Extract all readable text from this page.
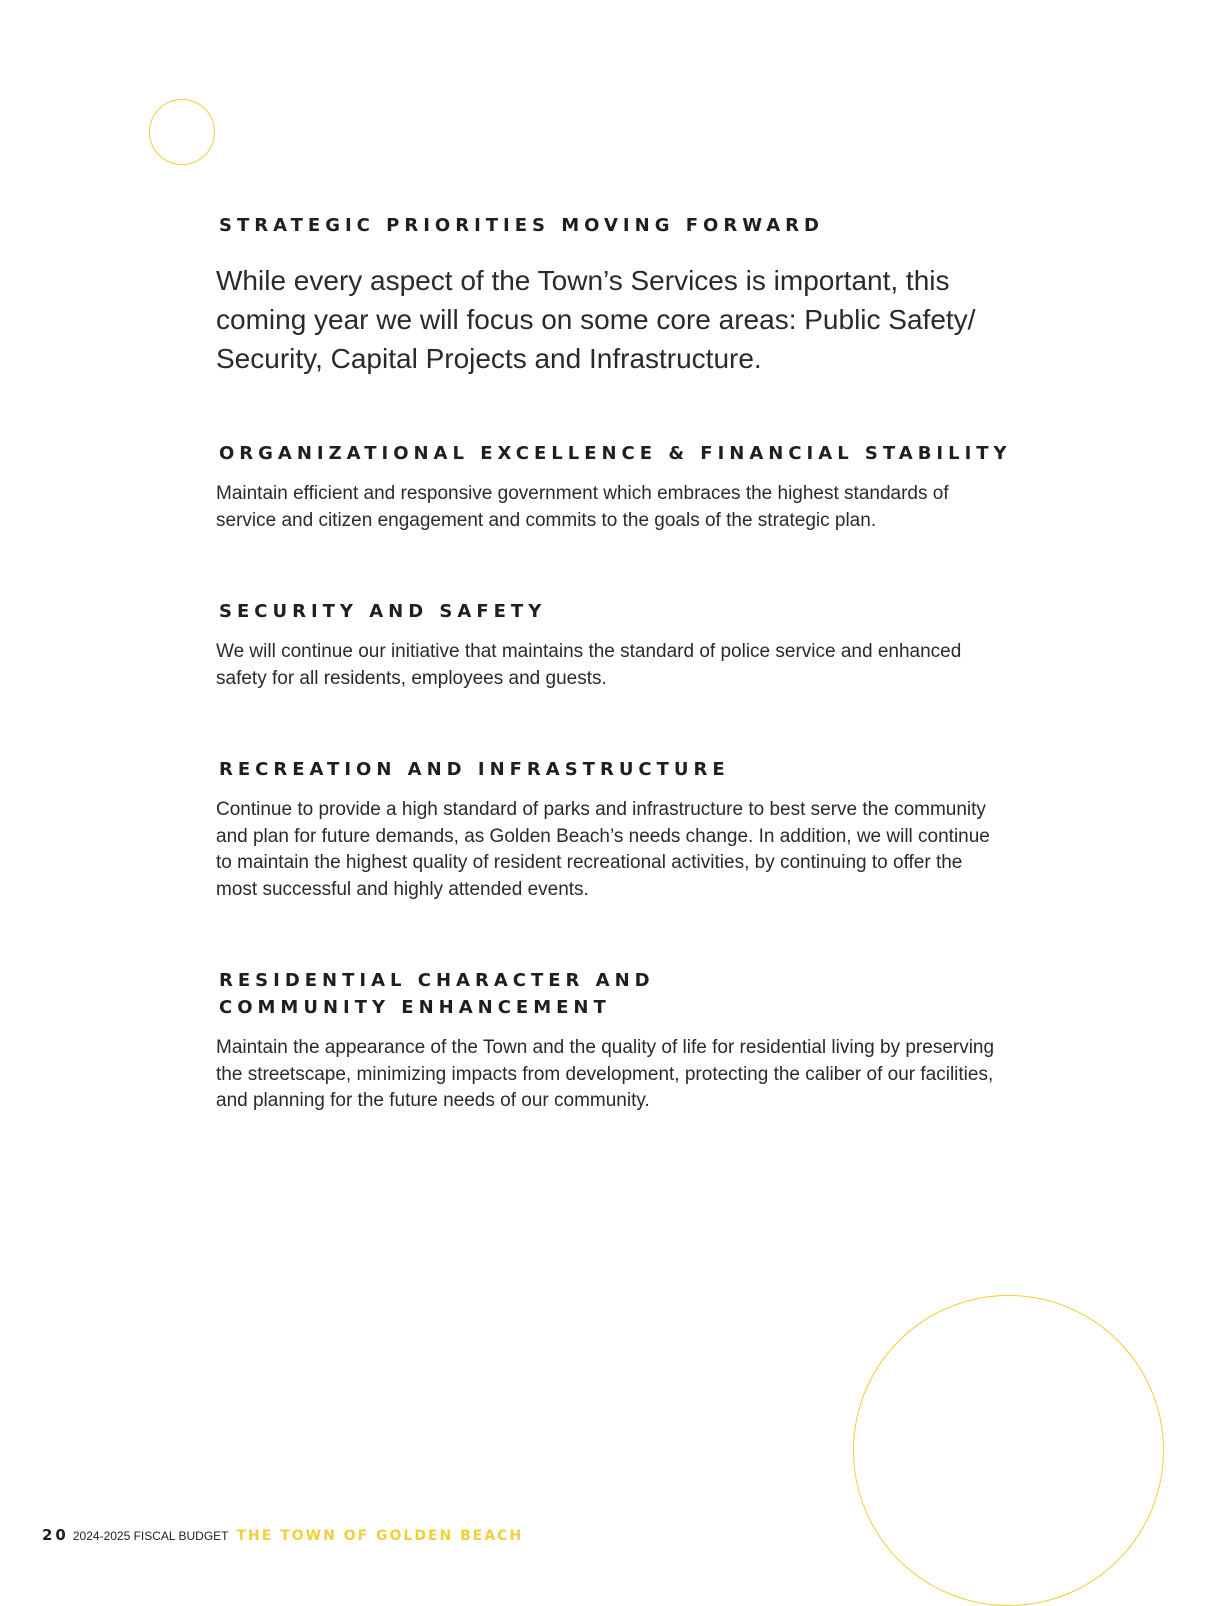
STRATEGIC PRIORITIES MOVING FORWARD

While every aspect of the Town’s Services is important, this coming year we will focus on some core areas: Public Safety/ Security, Capital Projects and Infrastructure.

ORGANIZATIONAL EXCELLENCE & FINANCIAL STABILITY

Maintain efficient and responsive government which embraces the highest standards of service and citizen engagement and commits to the goals of the strategic plan.

SECURITY AND SAFETY

We will continue our initiative that maintains the standard of police service and enhanced safety for all residents, employees and guests.

RECREATION AND INFRASTRUCTURE

Continue to provide a high standard of parks and infrastructure to best serve the community and plan for future demands, as Golden Beach’s needs change. In addition, we will continue to maintain the highest quality of resident recreational activities, by continuing to offer the most successful and highly attended events.

RESIDENTIAL CHARACTER AND COMMUNITY ENHANCEMENT

Maintain the appearance of the Town and the quality of life for residential living by preserving the streetscape, minimizing impacts from development, protecting the caliber of our facilities, and planning for the future needs of our community.

20 2024-2025 FISCAL BUDGET THE TOWN OF GOLDEN BEACH
